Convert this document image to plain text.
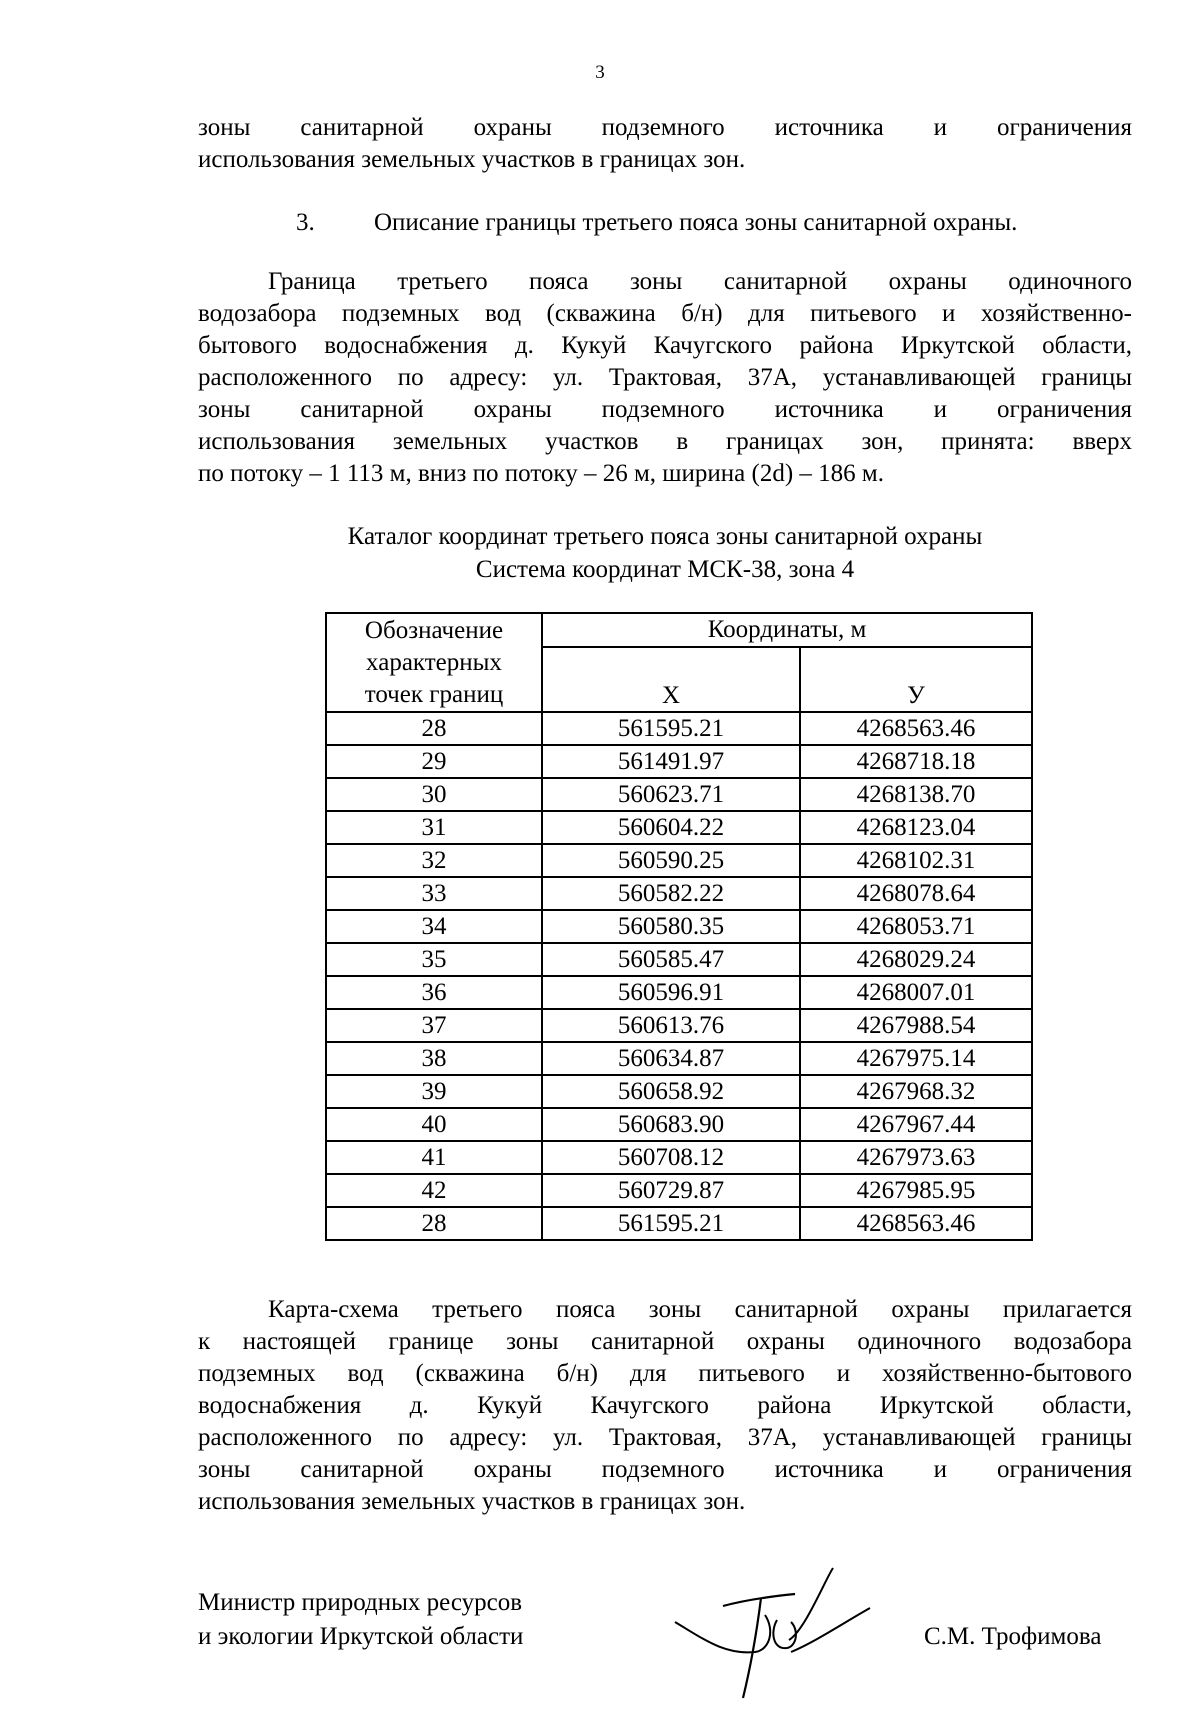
3
зоны санитарной охраны подземного источника и ограничения
использования земельных участков в границах зон.
3. Описание границы третьего пояса зоны санитарной охраны.
Граница третьего пояса зоны санитарной охраны одиночного
водозабора подземных вод (скважина б/н) для питьевого и хозяйственно-
бытового водоснабжения д. Кукуй Качугского района Иркутской области,
расположенного по адресу: ул. Трактовая, 37А, устанавливающей границы
зоны санитарной охраны подземного источника и ограничения
использования земельных участков в границах зон, принята: вверх
по потоку – 1 113 м, вниз по потоку – 26 м, ширина (2d) – 186 м.
Каталог координат третьего пояса зоны санитарной охраны
Система координат МСК-38, зона 4
Обозначение
характерных
точек границ	Координаты, м	
	Х	У
28	561595.21	4268563.46
29	561491.97	4268718.18
30	560623.71	4268138.70
31	560604.22	4268123.04
32	560590.25	4268102.31
33	560582.22	4268078.64
34	560580.35	4268053.71
35	560585.47	4268029.24
36	560596.91	4268007.01
37	560613.76	4267988.54
38	560634.87	4267975.14
39	560658.92	4267968.32
40	560683.90	4267967.44
41	560708.12	4267973.63
42	560729.87	4267985.95
28	561595.21	4268563.46
Карта-схема третьего пояса зоны санитарной охраны прилагается
к настоящей границе зоны санитарной охраны одиночного водозабора
подземных вод (скважина б/н) для питьевого и хозяйственно-бытового
водоснабжения д. Кукуй Качугского района Иркутской области,
расположенного по адресу: ул. Трактовая, 37А, устанавливающей границы
зоны санитарной охраны подземного источника и ограничения
использования земельных участков в границах зон.
Министр природных ресурсов
и экологии Иркутской области	С.М. Трофимова
